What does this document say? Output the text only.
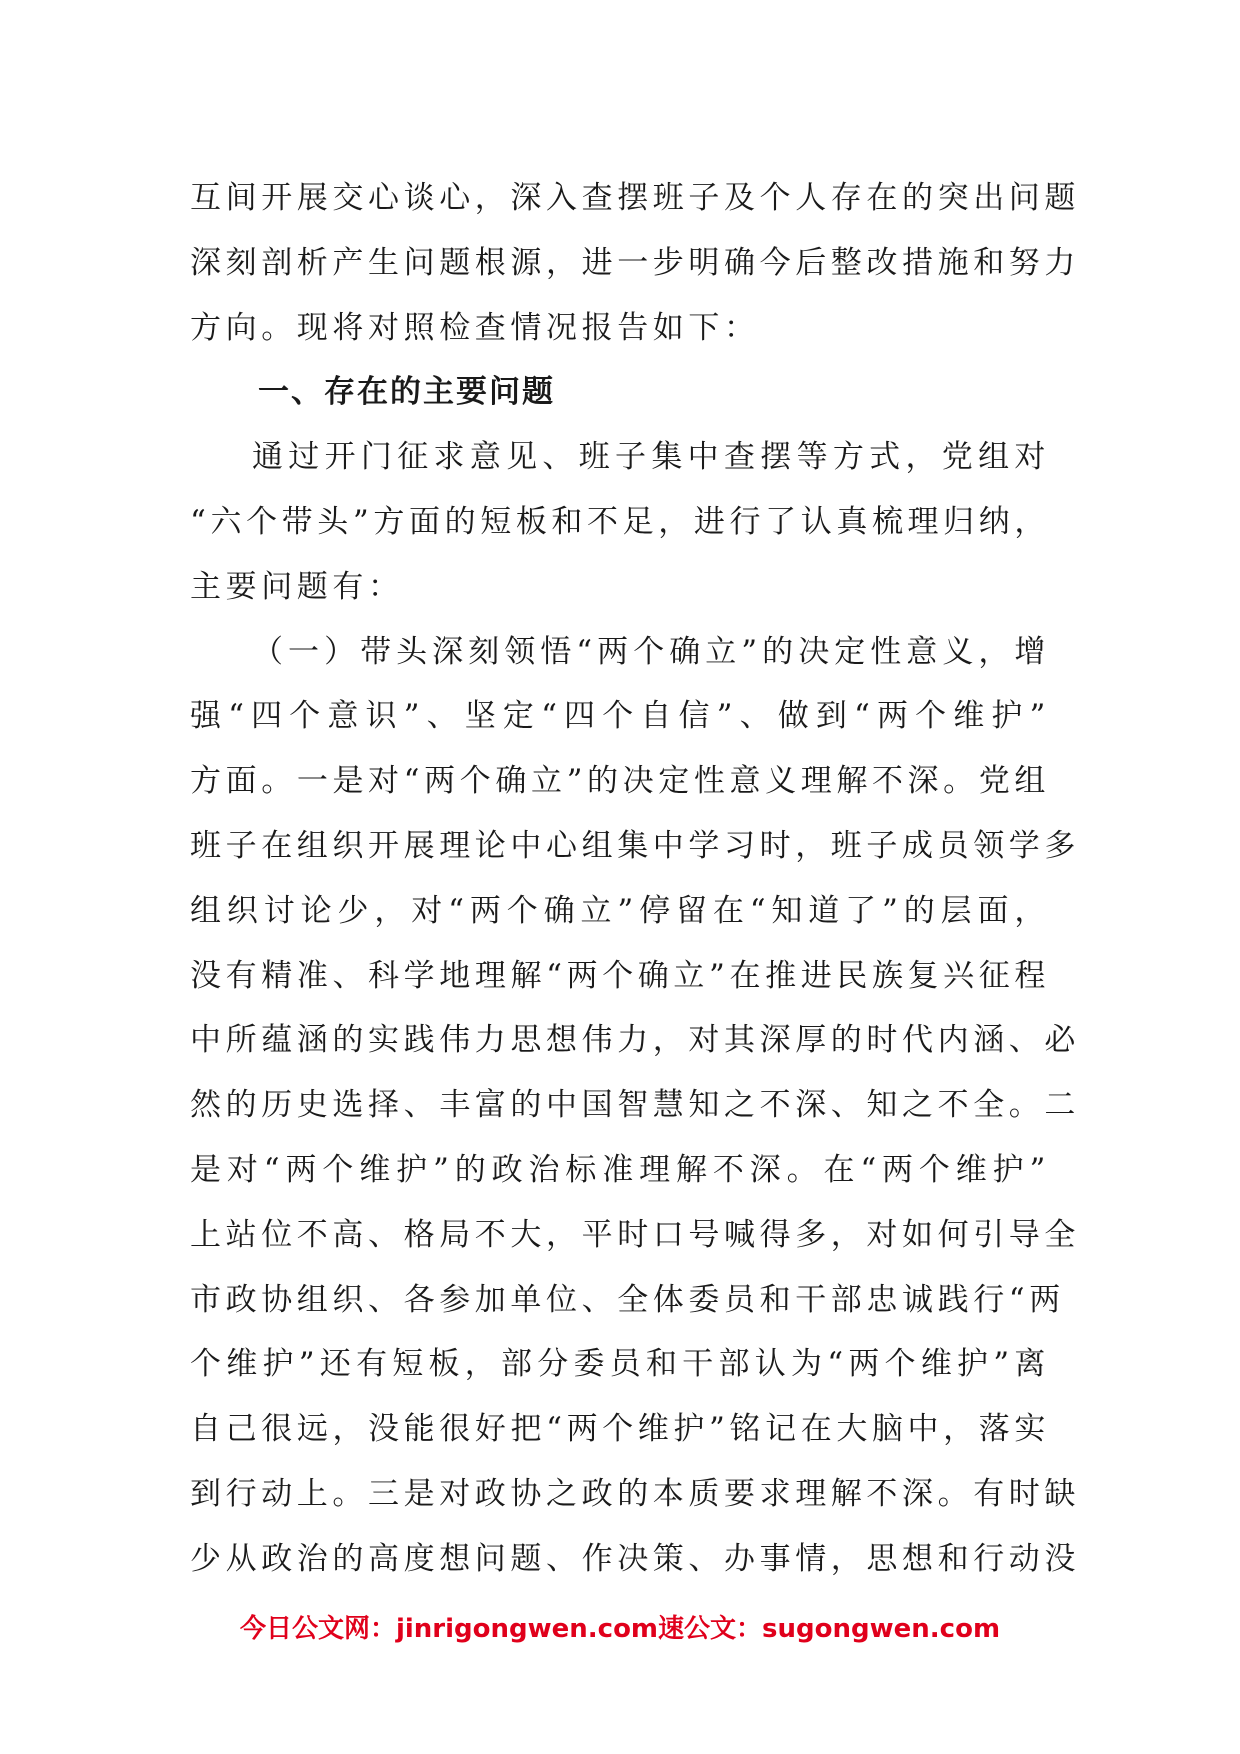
互间开展交心谈心，深入查摆班子及个人存在的突出问题
深刻剖析产生问题根源，进一步明确今后整改措施和努力
方向。现将对照检查情况报告如下：
一、存在的主要问题
通过开门征求意见、班子集中查摆等方式，党组对
“六个带头”方面的短板和不足，进行了认真梳理归纳，
主要问题有：
（一）带头深刻领悟“两个确立”的决定性意义，增
强“四个意识”、坚定“四个自信”、做到“两个维护”
方面。一是对“两个确立”的决定性意义理解不深。党组
班子在组织开展理论中心组集中学习时，班子成员领学多
组织讨论少，对“两个确立”停留在“知道了”的层面，
没有精准、科学地理解“两个确立”在推进民族复兴征程
中所蕴涵的实践伟力思想伟力，对其深厚的时代内涵、必
然的历史选择、丰富的中国智慧知之不深、知之不全。二
是对“两个维护”的政治标准理解不深。在“两个维护”
上站位不高、格局不大，平时口号喊得多，对如何引导全
市政协组织、各参加单位、全体委员和干部忠诚践行“两
个维护”还有短板，部分委员和干部认为“两个维护”离
自己很远，没能很好把“两个维护”铭记在大脑中，落实
到行动上。三是对政协之政的本质要求理解不深。有时缺
少从政治的高度想问题、作决策、办事情，思想和行动没
今日公文网：jinrigongwen.com速公文：sugongwen.com
